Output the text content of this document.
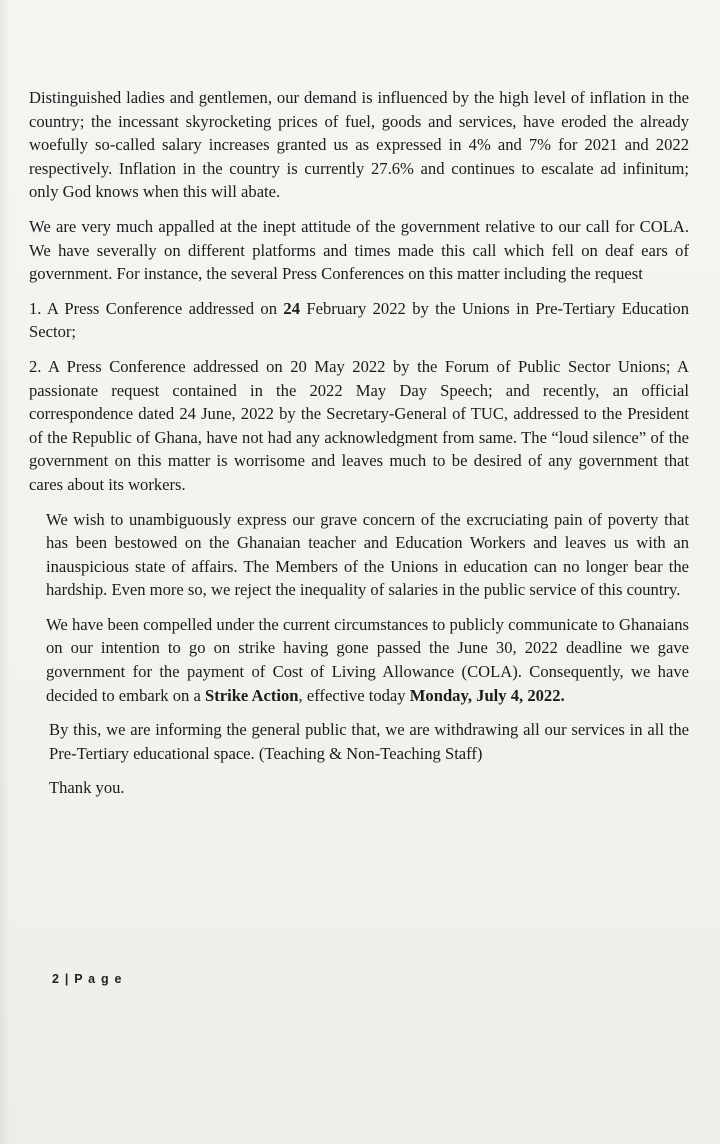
Distinguished ladies and gentlemen, our demand is influenced by the high level of inflation in the country; the incessant skyrocketing prices of fuel, goods and services, have eroded the already woefully so-called salary increases granted us as expressed in 4% and 7% for 2021 and 2022 respectively. Inflation in the country is currently 27.6% and continues to escalate ad infinitum; only God knows when this will abate.

We are very much appalled at the inept attitude of the government relative to our call for COLA. We have severally on different platforms and times made this call which fell on deaf ears of government. For instance, the several Press Conferences on this matter including the request

1. A Press Conference addressed on 24 February 2022 by the Unions in Pre-Tertiary Education Sector;

2. A Press Conference addressed on 20 May 2022 by the Forum of Public Sector Unions; A passionate request contained in the 2022 May Day Speech; and recently, an official correspondence dated 24 June, 2022 by the Secretary-General of TUC, addressed to the President of the Republic of Ghana, have not had any acknowledgment from same. The “loud silence” of the government on this matter is worrisome and leaves much to be desired of any government that cares about its workers.

We wish to unambiguously express our grave concern of the excruciating pain of poverty that has been bestowed on the Ghanaian teacher and Education Workers and leaves us with an inauspicious state of affairs. The Members of the Unions in education can no longer bear the hardship. Even more so, we reject the inequality of salaries in the public service of this country.

We have been compelled under the current circumstances to publicly communicate to Ghanaians on our intention to go on strike having gone passed the June 30, 2022 deadline we gave government for the payment of Cost of Living Allowance (COLA). Consequently, we have decided to embark on a Strike Action, effective today Monday, July 4, 2022.

By this, we are informing the general public that, we are withdrawing all our services in all the Pre-Tertiary educational space. (Teaching & Non-Teaching Staff)

Thank you.

2 | P a g e
